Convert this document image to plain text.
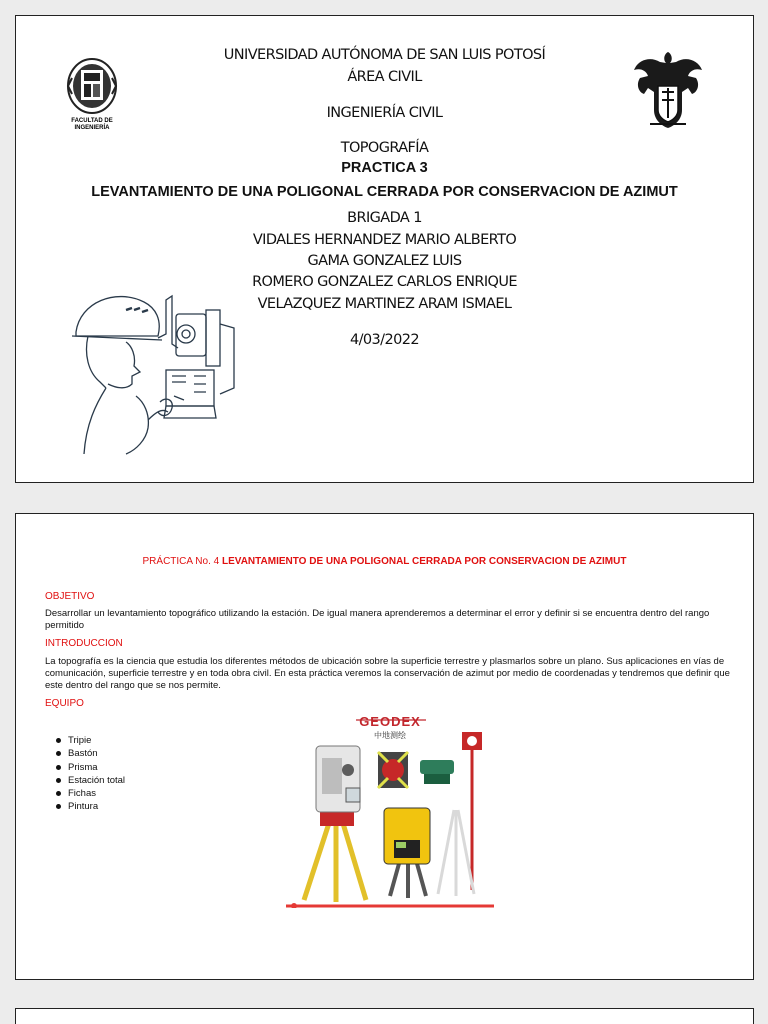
FACULTAD DE
INGENIERÍA
UNIVERSIDAD AUTÓNOMA DE SAN LUIS POTOSÍ
ÁREA CIVIL
INGENIERÍA CIVIL
TOPOGRAFÍA
PRACTICA 3
LEVANTAMIENTO DE UNA POLIGONAL CERRADA POR CONSERVACION DE AZIMUT
BRIGADA 1
VIDALES HERNANDEZ MARIO ALBERTO
GAMA GONZALEZ LUIS
ROMERO GONZALEZ CARLOS ENRIQUE
VELAZQUEZ MARTINEZ ARAM ISMAEL
4/03/2022
PRÁCTICA No. 4 LEVANTAMIENTO DE UNA POLIGONAL CERRADA POR CONSERVACION DE AZIMUT
OBJETIVO
Desarrollar un levantamiento topográfico utilizando la estación. De igual manera aprenderemos a determinar el error y definir si se encuentra dentro del rango permitido
INTRODUCCION
La topografía es la ciencia que estudia los diferentes métodos de ubicación sobre la superficie terrestre y plasmarlos sobre un plano. Sus aplicaciones en vías de comunicación, superficie terrestre y en toda obra civil. En esta práctica veremos la conservación de azimut por medio de coordenadas y tendremos que definir que este dentro del rango que se nos permite.
EQUIPO
Tripie
Bastón
Prisma
Estación total
Fichas
Pintura
GEODEX
中地测绘
